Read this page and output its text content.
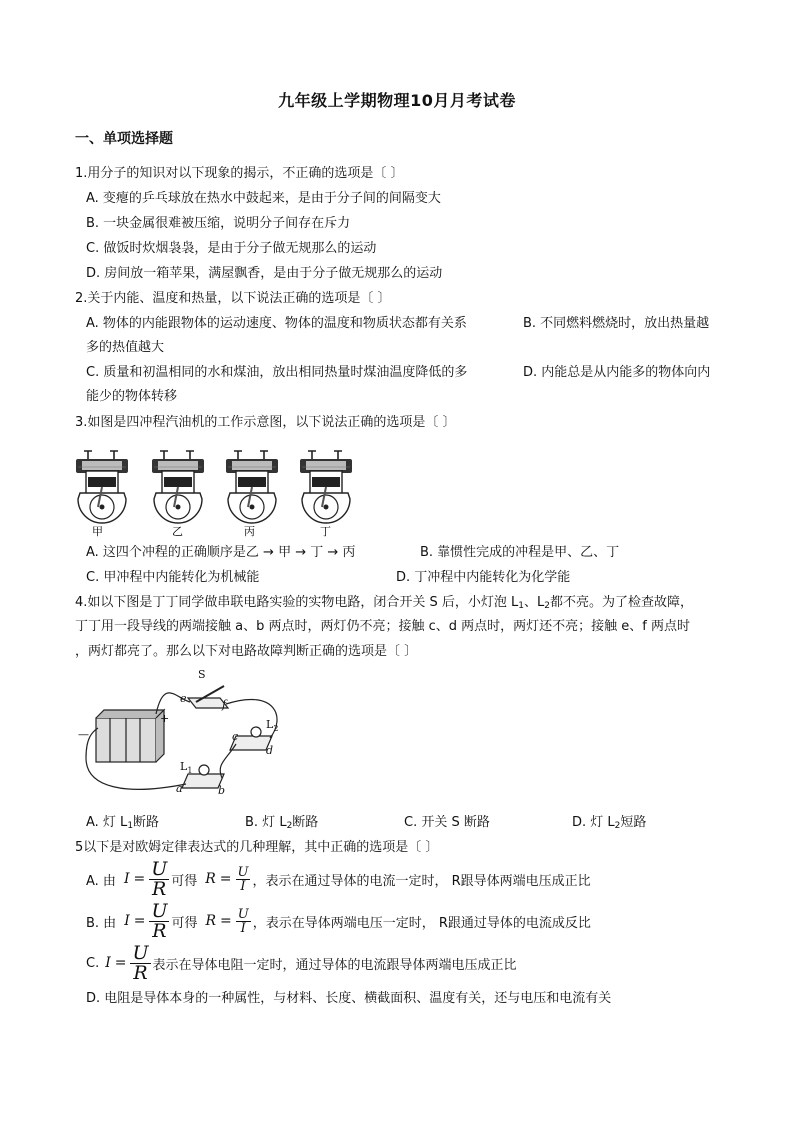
九年级上学期物理10月月考试卷
一、单项选择题
1.用分子的知识对以下现象的揭示，不正确的选项是〔 〕
A. 变瘪的乒乓球放在热水中鼓起来，是由于分子间的间隔变大
B. 一块金属很难被压缩，说明分子间存在斥力
C. 做饭时炊烟袅袅，是由于分子做无规那么的运动
D. 房间放一箱苹果，满屋飘香，是由于分子做无规那么的运动
2.关于内能、温度和热量，以下说法正确的选项是〔 〕
A. 物体的内能跟物体的运动速度、物体的温度和物质状态都有关系	B. 不同燃料燃烧时，放出热量越
多的热值越大
C. 质量和初温相同的水和煤油，放出相同热量时煤油温度降低的多	D. 内能总是从内能多的物体向内
能少的物体转移
3.如图是四冲程汽油机的工作示意图，以下说法正确的选项是〔 〕
甲	乙	丙	丁
A. 这四个冲程的正确顺序是乙 → 甲 → 丁 → 丙	B. 靠惯性完成的冲程是甲、乙、丁
C. 甲冲程中内能转化为机械能	D. 丁冲程中内能转化为化学能
4.如以下图是丁丁同学做串联电路实验的实物电路，闭合开关 S 后，小灯泡 $L_1$、$L_2$都不亮。为了检查故障，
丁丁用一段导线的两端接触 a、b 两点时，两灯仍不亮；接触 c、d 两点时，两灯还不亮；接触 e、f 两点时
，两灯都亮了。那么以下对电路故障判断正确的选项是〔 〕
S
e	f
+
—	c
$L_2$
d
$L_1$
a	b
A. 灯 $L_1$断路	B. 灯 $L_2$断路	C. 开关 S 断路	D. 灯 $L_2$短路
5以下是对欧姆定律表达式的几种理解，其中正确的选项是〔 〕
A. 由 $I = \frac{U}{R}$ 可得 $R = \frac{U}{I}$ ，表示在通过导体的电流一定时， R跟导体两端电压成正比
B. 由 $I = \frac{U}{R}$ 可得 $R = \frac{U}{I}$ ，表示在导体两端电压一定时， R跟通过导体的电流成反比
C. $I = \frac{U}{R}$ 表示在导体电阻一定时，通过导体的电流跟导体两端电压成正比
D. 电阻是导体本身的一种属性，与材料、长度、横截面积、温度有关，还与电压和电流有关
